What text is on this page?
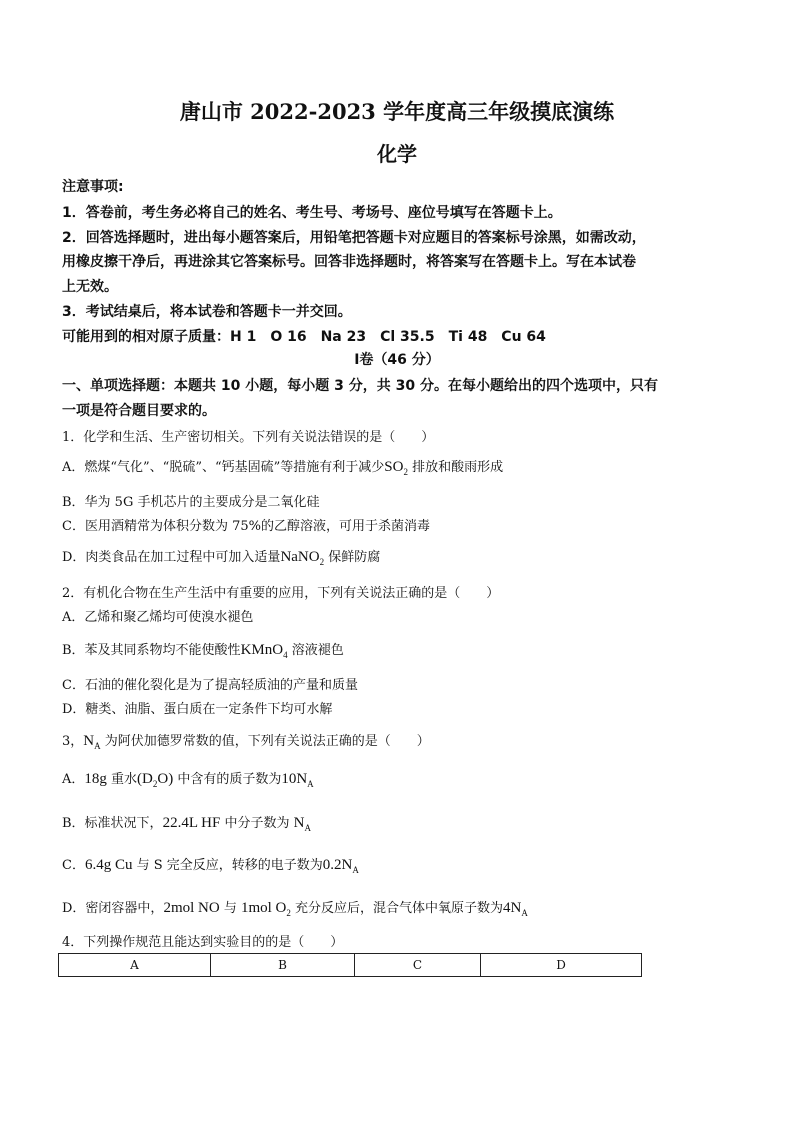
唐山市 2022-2023 学年度高三年级摸底演练
化学
注意事项:
1．答卷前，考生务必将自己的姓名、考生号、考场号、座位号填写在答题卡上。
2．回答选择题时，进出每小题答案后，用铅笔把答题卡对应题目的答案标号涂黑，如需改动，
用橡皮擦干净后，再进涂其它答案标号。回答非选择题时，将答案写在答题卡上。写在本试卷
上无效。
3．考试结桌后，将本试卷和答题卡一并交回。
可能用到的相对原子质量：H 1　O 16　Na 23　Cl 35.5　Ti 48　Cu 64
Ⅰ卷（46 分）
一、单项选择题：本题共 10 小题，每小题 3 分，共 30 分。在每小题给出的四个选项中，只有
一项是符合题目要求的。
1．化学和生活、生产密切相关。下列有关说法错误的是（　　）
A．燃煤“气化”、“脱硫”、“钙基固硫”等措施有利于减少$SO_2$ 排放和酸雨形成
B．华为 5G 手机芯片的主要成分是二氧化硅
C．医用酒精常为体积分数为 75%的乙醇溶液，可用于杀菌消毒
D．肉类食品在加工过程中可加入适量NaNO$_2$ 保鲜防腐
2．有机化合物在生产生活中有重要的应用，下列有关说法正确的是（　　）
A．乙烯和聚乙烯均可使溴水褪色
B．苯及其同系物均不能使酸性KMnO$_4$ 溶液褪色
C．石油的催化裂化是为了提高轻质油的产量和质量
D．糖类、油脂、蛋白质在一定条件下均可水解
3，$N_A$ 为阿伏加德罗常数的值，下列有关说法正确的是（　　）
A．18g 重水$(D_2O)$ 中含有的质子数为$10N_A$
B．标准状况下，22.4L HF 中分子数为 $N_A$
C．6.4g Cu 与 S 完全反应，转移的电子数为$0.2N_A$
D．密闭容器中，2mol NO 与 1mol $O_2$ 充分反应后，混合气体中氧原子数为$4N_A$
4．下列操作规范且能达到实验目的的是（　　）
A	B	C	D
